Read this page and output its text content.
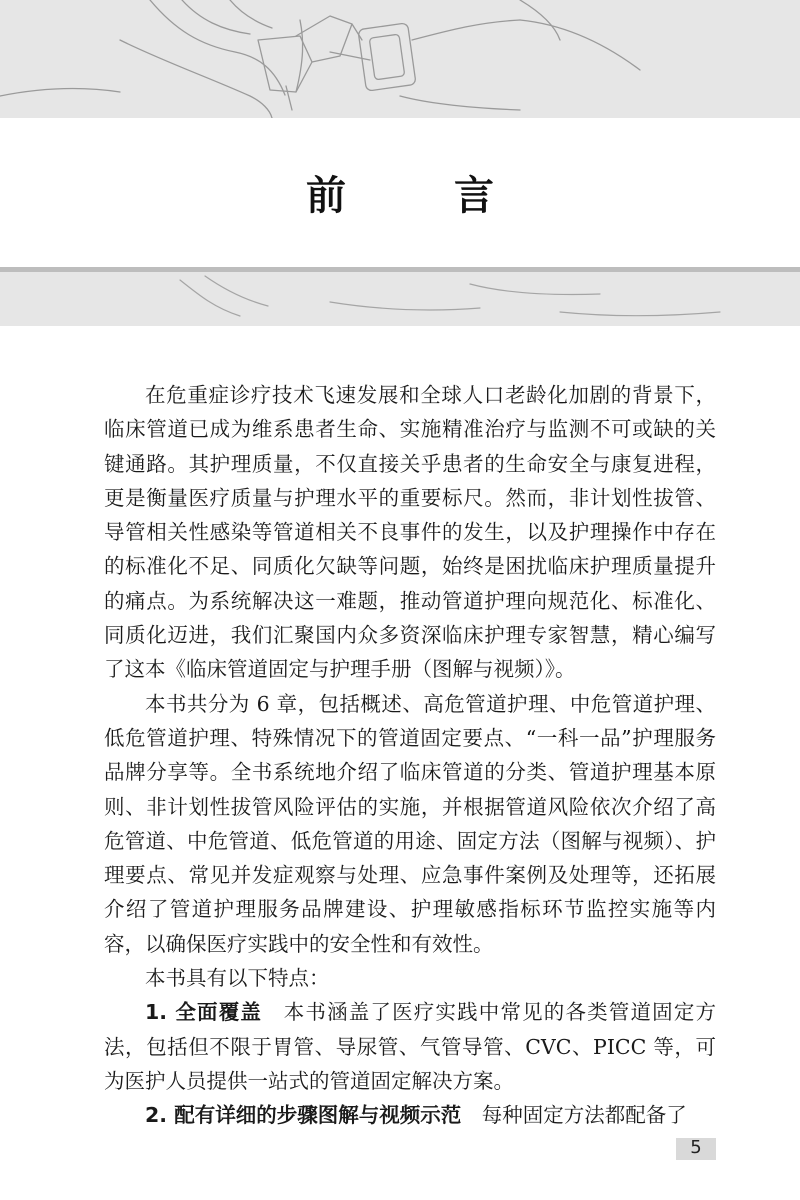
前　言

在危重症诊疗技术飞速发展和全球人口老龄化加剧的背景下，临床管道已成为维系患者生命、实施精准治疗与监测不可或缺的关键通路。其护理质量，不仅直接关乎患者的生命安全与康复进程，更是衡量医疗质量与护理水平的重要标尺。然而，非计划性拔管、导管相关性感染等管道相关不良事件的发生，以及护理操作中存在的标准化不足、同质化欠缺等问题，始终是困扰临床护理质量提升的痛点。为系统解决这一难题，推动管道护理向规范化、标准化、同质化迈进，我们汇聚国内众多资深临床护理专家智慧，精心编写了这本《临床管道固定与护理手册（图解与视频）》。

本书共分为 6 章，包括概述、高危管道护理、中危管道护理、低危管道护理、特殊情况下的管道固定要点、“一科一品”护理服务品牌分享等。全书系统地介绍了临床管道的分类、管道护理基本原则、非计划性拔管风险评估的实施，并根据管道风险依次介绍了高危管道、中危管道、低危管道的用途、固定方法（图解与视频）、护理要点、常见并发症观察与处理、应急事件案例及处理等，还拓展介绍了管道护理服务品牌建设、护理敏感指标环节监控实施等内容，以确保医疗实践中的安全性和有效性。

本书具有以下特点：

1. 全面覆盖　 本书涵盖了医疗实践中常见的各类管道固定方法，包括但不限于胃管、导尿管、气管导管、CVC、PICC 等，可为医护人员提供一站式的管道固定解决方案。

2. 配有详细的步骤图解与视频示范　 每种固定方法都配备了

5
